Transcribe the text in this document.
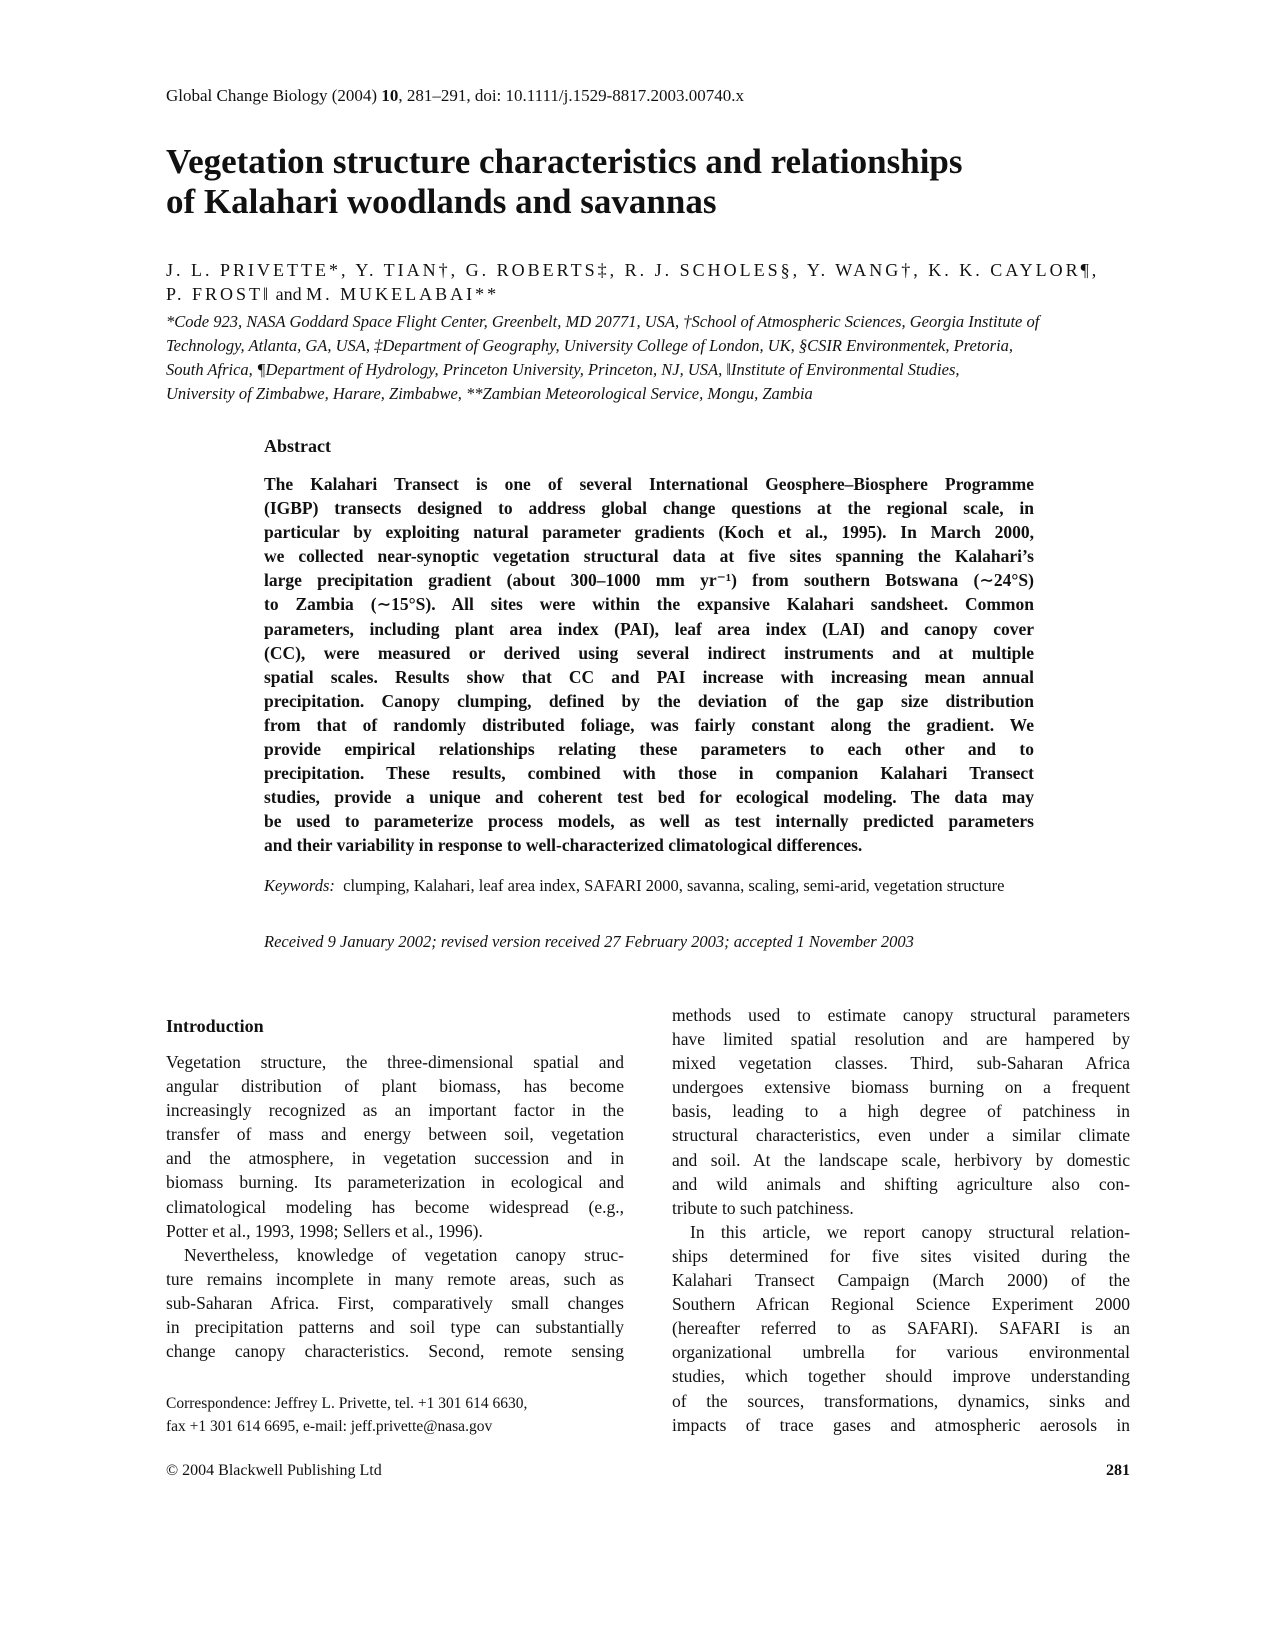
Global Change Biology (2004) 10, 281–291, doi: 10.1111/j.1529-8817.2003.00740.x
Vegetation structure characteristics and relationships
of Kalahari woodlands and savannas
J. L. PRIVETTE*, Y. TIAN†, G. ROBERTS‡, R. J. SCHOLES§, Y. WANG†, K. K. CAYLOR¶,
P. FROST‖ and M. MUKELABAI**
*Code 923, NASA Goddard Space Flight Center, Greenbelt, MD 20771, USA, †School of Atmospheric Sciences, Georgia Institute of
Technology, Atlanta, GA, USA, ‡Department of Geography, University College of London, UK, §CSIR Environmentek, Pretoria,
South Africa, ¶Department of Hydrology, Princeton University, Princeton, NJ, USA, ‖Institute of Environmental Studies,
University of Zimbabwe, Harare, Zimbabwe, **Zambian Meteorological Service, Mongu, Zambia
Abstract
The Kalahari Transect is one of several International Geosphere–Biosphere Programme
(IGBP) transects designed to address global change questions at the regional scale, in
particular by exploiting natural parameter gradients (Koch et al., 1995). In March 2000,
we collected near-synoptic vegetation structural data at five sites spanning the Kalahari’s
large precipitation gradient (about 300–1000 mm yr⁻¹) from southern Botswana (∼24°S)
to Zambia (∼15°S). All sites were within the expansive Kalahari sandsheet. Common
parameters, including plant area index (PAI), leaf area index (LAI) and canopy cover
(CC), were measured or derived using several indirect instruments and at multiple
spatial scales. Results show that CC and PAI increase with increasing mean annual
precipitation. Canopy clumping, defined by the deviation of the gap size distribution
from that of randomly distributed foliage, was fairly constant along the gradient. We
provide empirical relationships relating these parameters to each other and to
precipitation. These results, combined with those in companion Kalahari Transect
studies, provide a unique and coherent test bed for ecological modeling. The data may
be used to parameterize process models, as well as test internally predicted parameters
and their variability in response to well-characterized climatological differences.
Keywords: clumping, Kalahari, leaf area index, SAFARI 2000, savanna, scaling, semi-arid, vegetation structure
Received 9 January 2002; revised version received 27 February 2003; accepted 1 November 2003
Introduction
Vegetation structure, the three-dimensional spatial and
angular distribution of plant biomass, has become
increasingly recognized as an important factor in the
transfer of mass and energy between soil, vegetation
and the atmosphere, in vegetation succession and in
biomass burning. Its parameterization in ecological and
climatological modeling has become widespread (e.g.,
Potter et al., 1993, 1998; Sellers et al., 1996).
Nevertheless, knowledge of vegetation canopy struc-
ture remains incomplete in many remote areas, such as
sub-Saharan Africa. First, comparatively small changes
in precipitation patterns and soil type can substantially
change canopy characteristics. Second, remote sensing
methods used to estimate canopy structural parameters
have limited spatial resolution and are hampered by
mixed vegetation classes. Third, sub-Saharan Africa
undergoes extensive biomass burning on a frequent
basis, leading to a high degree of patchiness in
structural characteristics, even under a similar climate
and soil. At the landscape scale, herbivory by domestic
and wild animals and shifting agriculture also con-
tribute to such patchiness.
In this article, we report canopy structural relation-
ships determined for five sites visited during the
Kalahari Transect Campaign (March 2000) of the
Southern African Regional Science Experiment 2000
(hereafter referred to as SAFARI). SAFARI is an
organizational umbrella for various environmental
studies, which together should improve understanding
of the sources, transformations, dynamics, sinks and
impacts of trace gases and atmospheric aerosols in
Correspondence: Jeffrey L. Privette, tel. +1 301 614 6630,
fax +1 301 614 6695, e-mail: jeff.privette@nasa.gov
© 2004 Blackwell Publishing Ltd	281
